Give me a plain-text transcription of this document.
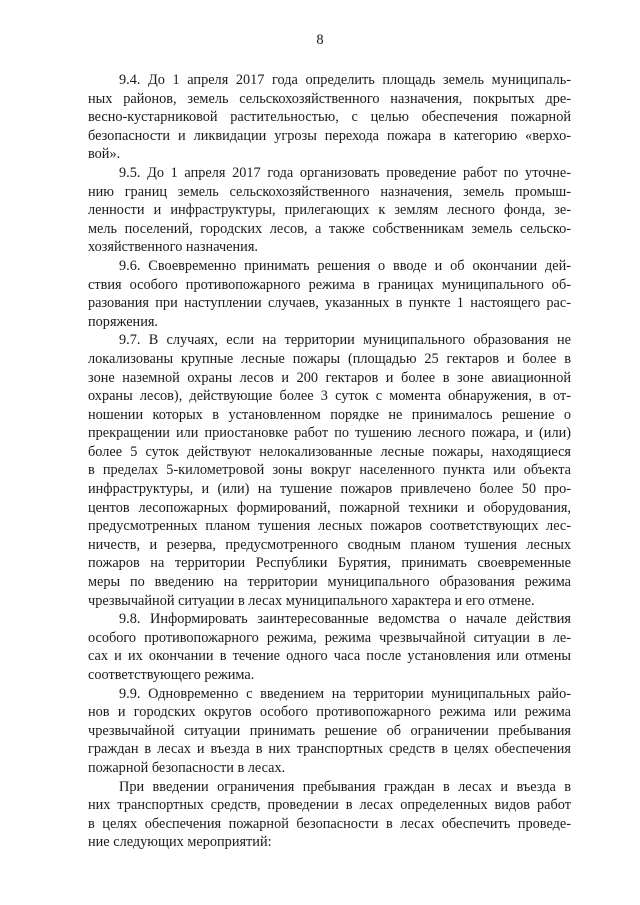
8

9.4. До 1 апреля 2017 года определить площадь земель муниципаль-
ных районов, земель сельскохозяйственного назначения, покрытых дре-
весно-кустарниковой растительностью, с целью обеспечения пожарной
безопасности и ликвидации угрозы перехода пожара в категорию «верхо-
вой».

9.5. До 1 апреля 2017 года организовать проведение работ по уточне-
нию границ земель сельскохозяйственного назначения, земель промыш-
ленности и инфраструктуры, прилегающих к землям лесного фонда, зе-
мель поселений, городских лесов, а также собственникам земель сельско-
хозяйственного назначения.

9.6. Своевременно принимать решения о вводе и об окончании дей-
ствия особого противопожарного режима в границах муниципального об-
разования при наступлении случаев, указанных в пункте 1 настоящего рас-
поряжения.

9.7. В случаях, если на территории муниципального образования не
локализованы крупные лесные пожары (площадью 25 гектаров и более в
зоне наземной охраны лесов и 200 гектаров и более в зоне авиационной
охраны лесов), действующие более 3 суток с момента обнаружения, в от-
ношении которых в установленном порядке не принималось решение о
прекращении или приостановке работ по тушению лесного пожара, и (или)
более 5 суток действуют нелокализованные лесные пожары, находящиеся
в пределах 5-километровой зоны вокруг населенного пункта или объекта
инфраструктуры, и (или) на тушение пожаров привлечено более 50 про-
центов лесопожарных формирований, пожарной техники и оборудования,
предусмотренных планом тушения лесных пожаров соответствующих лес-
ничеств, и резерва, предусмотренного сводным планом тушения лесных
пожаров на территории Республики Бурятия, принимать своевременные
меры по введению на территории муниципального образования режима
чрезвычайной ситуации в лесах муниципального характера и его отмене.

9.8. Информировать заинтересованные ведомства о начале действия
особого противопожарного режима, режима чрезвычайной ситуации в ле-
сах и их окончании в течение одного часа после установления или отмены
соответствующего режима.

9.9. Одновременно с введением на территории муниципальных райо-
нов и городских округов особого противопожарного режима или режима
чрезвычайной ситуации принимать решение об ограничении пребывания
граждан в лесах и въезда в них транспортных средств в целях обеспечения
пожарной безопасности в лесах.

При введении ограничения пребывания граждан в лесах и въезда в
них транспортных средств, проведении в лесах определенных видов работ
в целях обеспечения пожарной безопасности в лесах обеспечить проведе-
ние следующих мероприятий:
